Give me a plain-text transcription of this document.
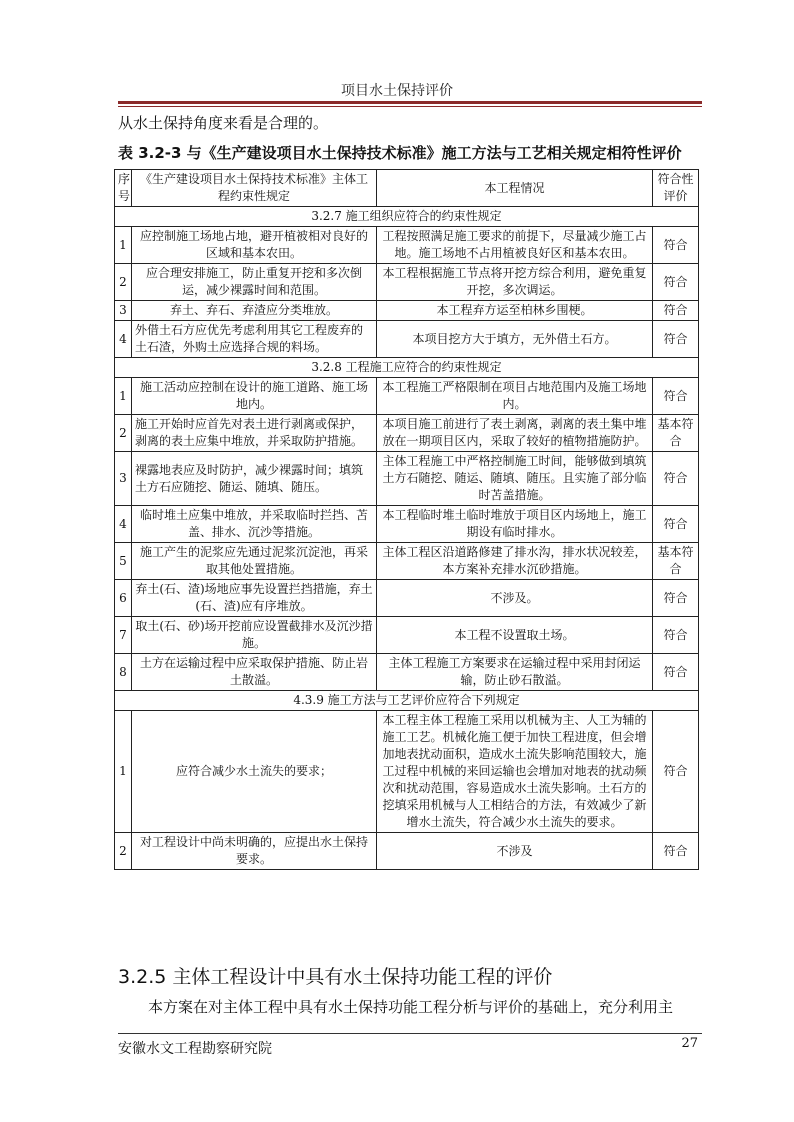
项目水土保持评价
从水土保持角度来看是合理的。
表 3.2-3 与《生产建设项目水土保持技术标准》施工方法与工艺相关规定相符性评价
序号	《生产建设项目水土保持技术标准》主体工程约束性规定	本工程情况	符合性评价
3.2.7 施工组织应符合的约束性规定			
1	应控制施工场地占地，避开植被相对良好的区域和基本农田。	工程按照满足施工要求的前提下，尽量减少施工占地。施工场地不占用植被良好区和基本农田。	符合
2	应合理安排施工，防止重复开挖和多次倒运，减少裸露时间和范围。	本工程根据施工节点将开挖方综合利用，避免重复开挖，多次调运。	符合
3	弃土、弃石、弃渣应分类堆放。	本工程弃方运至柏林乡围梗。	符合
4	外借土石方应优先考虑利用其它工程废弃的土石渣，外购土应选择合规的料场。	本项目挖方大于填方，无外借土石方。	符合
3.2.8 工程施工应符合的约束性规定			
1	施工活动应控制在设计的施工道路、施工场地内。	本工程施工严格限制在项目占地范围内及施工场地内。	符合
2	施工开始时应首先对表土进行剥离或保护，剥离的表土应集中堆放，并采取防护措施。	本项目施工前进行了表土剥离，剥离的表土集中堆放在一期项目区内，采取了较好的植物措施防护。	基本符合
3	裸露地表应及时防护，减少裸露时间；填筑土方石应随挖、随运、随填、随压。	主体工程施工中严格控制施工时间，能够做到填筑土方石随挖、随运、随填、随压。且实施了部分临时苫盖措施。	符合
4	临时堆土应集中堆放，并采取临时拦挡、苫盖、排水、沉沙等措施。	本工程临时堆土临时堆放于项目区内场地上，施工期设有临时排水。	符合
5	施工产生的泥浆应先通过泥浆沉淀池，再采取其他处置措施。	主体工程区沿道路修建了排水沟，排水状况较差，本方案补充排水沉砂措施。	基本符合
6	弃土(石、渣)场地应事先设置拦挡措施，弃土(石、渣)应有序堆放。	不涉及。	符合
7	取土(石、砂)场开挖前应设置截排水及沉沙措施。	本工程不设置取土场。	符合
8	土方在运输过程中应采取保护措施、防止岩土散溢。	主体工程施工方案要求在运输过程中采用封闭运输，防止砂石散溢。	符合
4.3.9 施工方法与工艺评价应符合下列规定			
1	应符合减少水土流失的要求；	本工程主体工程施工采用以机械为主、人工为辅的施工工艺。机械化施工便于加快工程进度，但会增加地表扰动面积，造成水土流失影响范围较大，施工过程中机械的来回运输也会增加对地表的扰动频次和扰动范围，容易造成水土流失影响。土石方的挖填采用机械与人工相结合的方法，有效减少了新增水土流失，符合减少水土流失的要求。	符合
2	对工程设计中尚未明确的，应提出水土保持要求。	不涉及	符合
3.2.5 主体工程设计中具有水土保持功能工程的评价
本方案在对主体工程中具有水土保持功能工程分析与评价的基础上，充分利用主
安徽水文工程勘察研究院	27
